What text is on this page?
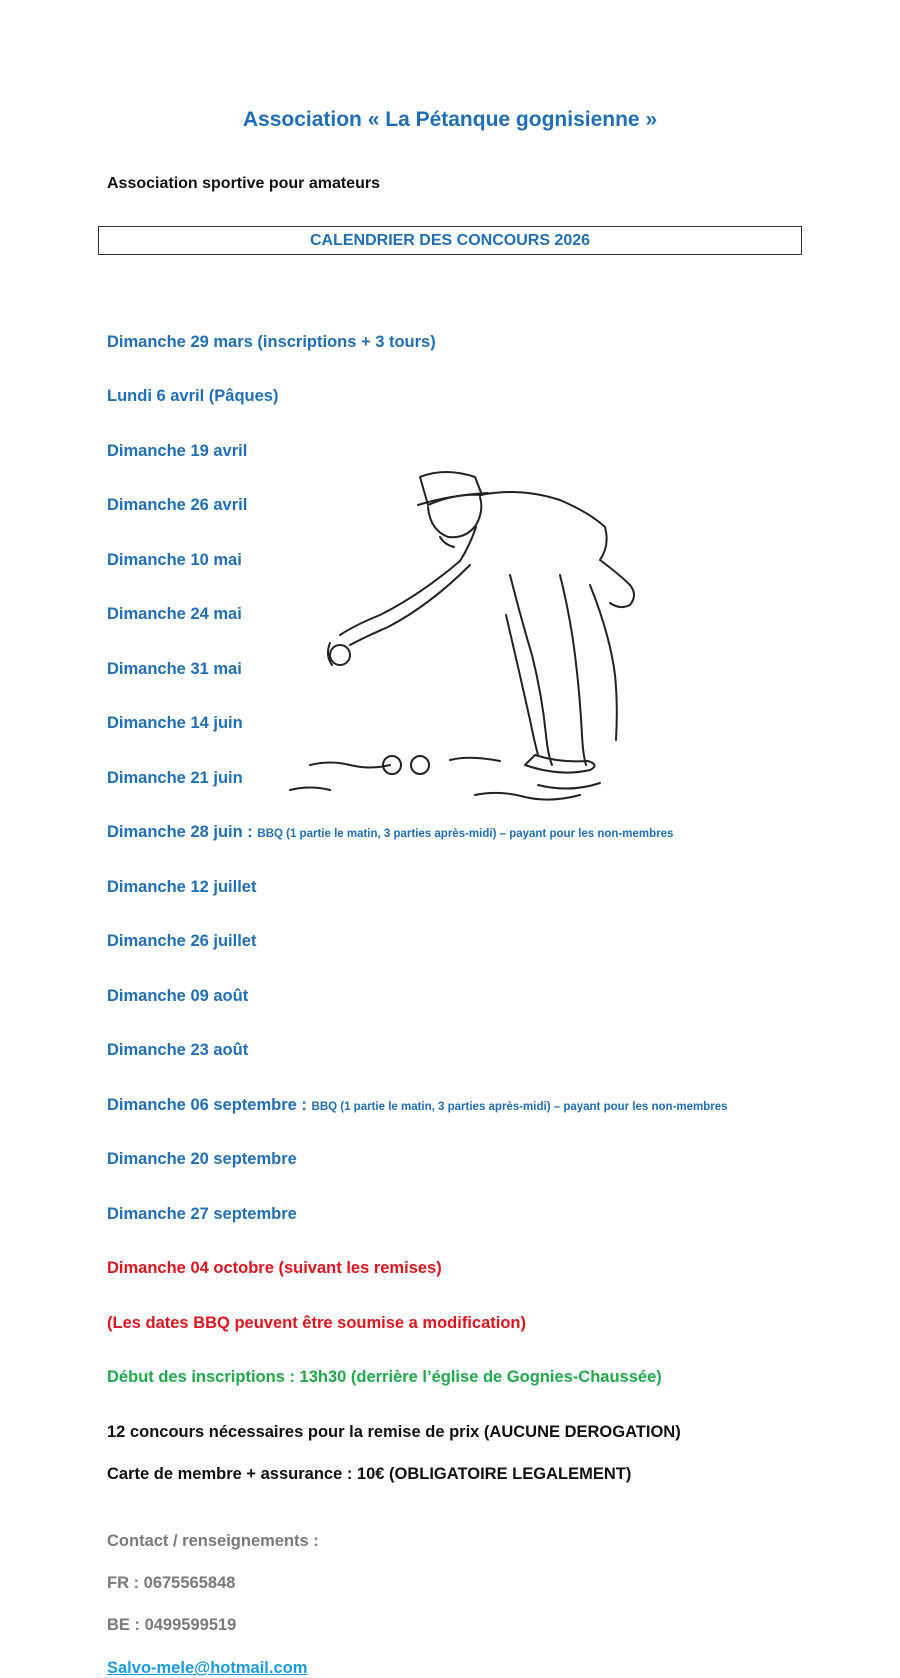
Association « La Pétanque gognisienne »
Association sportive pour amateurs
CALENDRIER DES CONCOURS 2026
Dimanche 29 mars (inscriptions + 3 tours)
Lundi 6 avril (Pâques)
Dimanche 19 avril
Dimanche 26 avril
Dimanche 10 mai
Dimanche 24 mai
Dimanche 31 mai
Dimanche 14 juin
Dimanche 21 juin
Dimanche 28 juin : BBQ (1 partie le matin, 3 parties après-midi) – payant pour les non-membres
Dimanche 12 juillet
Dimanche 26 juillet
Dimanche 09 août
Dimanche 23 août
Dimanche 06 septembre : BBQ (1 partie le matin, 3 parties après-midi) – payant pour les non-membres
Dimanche 20 septembre
Dimanche 27 septembre
Dimanche 04 octobre (suivant les remises)
(Les dates BBQ peuvent être soumise a modification)
Début des inscriptions : 13h30 (derrière l’église de Gognies-Chaussée)
12 concours nécessaires pour la remise de prix (AUCUNE DEROGATION)
Carte de membre + assurance : 10€ (OBLIGATOIRE LEGALEMENT)
Contact / renseignements :
FR : 0675565848
BE : 0499599519
Salvo-mele@hotmail.com
